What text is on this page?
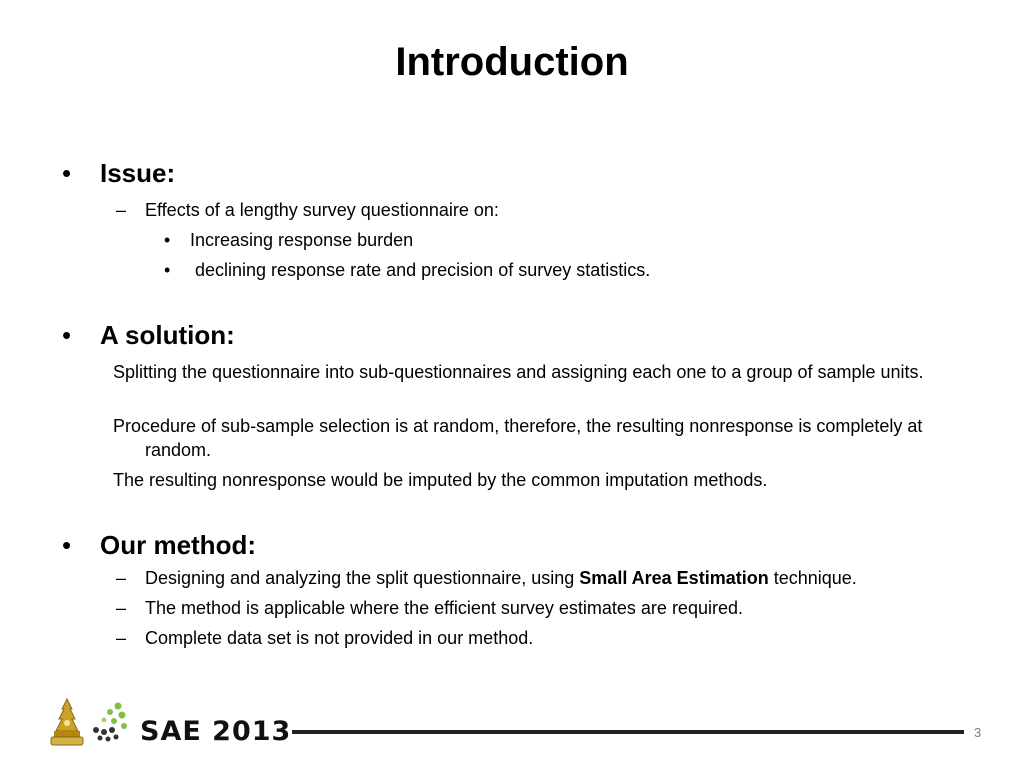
Introduction
• Issue:
– Effects of a lengthy survey questionnaire on:
• Increasing response burden
• declining response rate and precision of survey statistics.
• A solution:
Splitting the questionnaire into sub-questionnaires and assigning each one to a group of sample units.
Procedure of sub-sample selection is at random, therefore, the resulting nonresponse is completely at random.
The resulting nonresponse would be imputed by the common imputation methods.
• Our method:
– Designing and analyzing the split questionnaire, using Small Area Estimation technique.
– The method is applicable where the efficient survey estimates are required.
– Complete data set is not provided in our method.
SAE 2013	3
